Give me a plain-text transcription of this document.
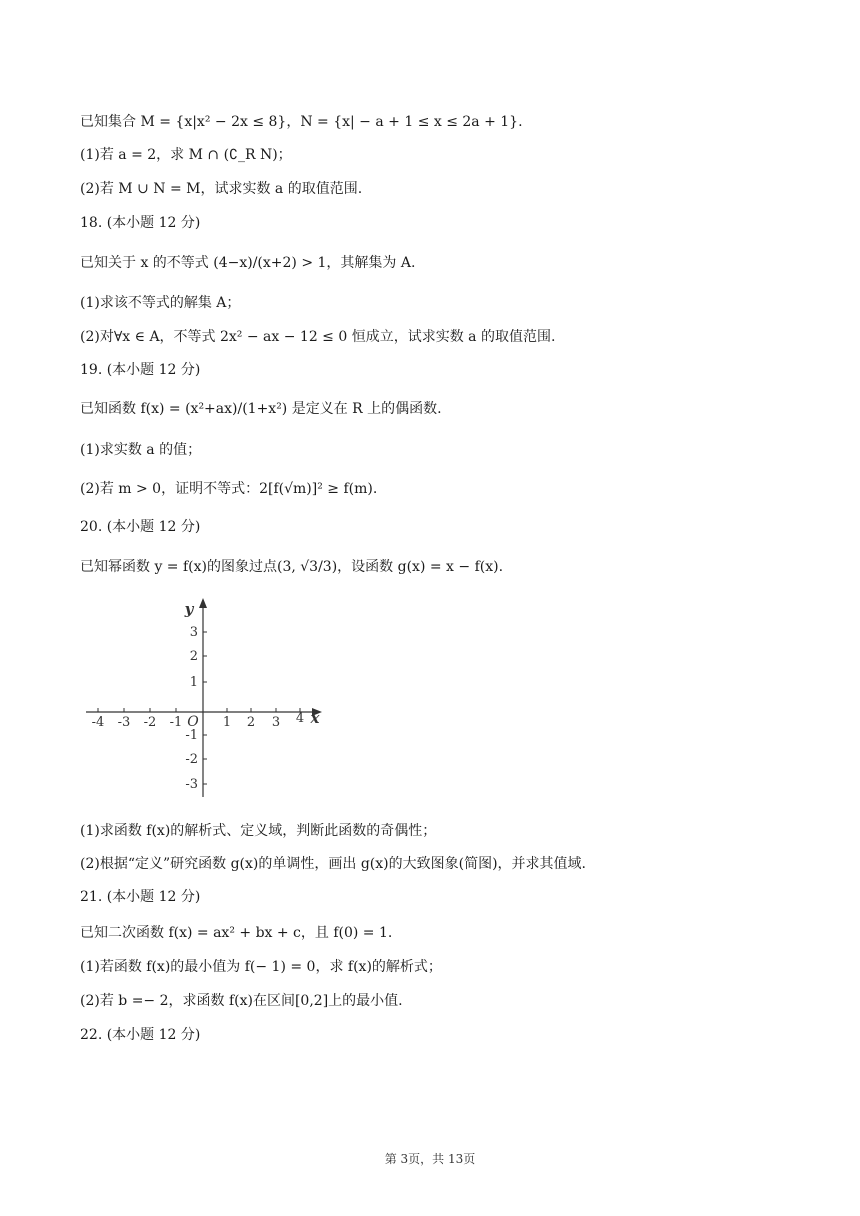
已知集合 M = {x|x² − 2x ≤ 8}，N = {x| − a + 1 ≤ x ≤ 2a + 1}.
(1)若 a = 2，求 M ∩ (∁_R N)；
(2)若 M ∪ N = M，试求实数 a 的取值范围.
18. (本小题 12 分)
已知关于 x 的不等式 (4−x)/(x+2) > 1，其解集为 A.
(1)求该不等式的解集 A；
(2)对∀x ∈ A，不等式 2x² − ax − 12 ≤ 0 恒成立，试求实数 a 的取值范围.
19. (本小题 12 分)
已知函数 f(x) = (x²+ax)/(1+x²) 是定义在 R 上的偶函数.
(1)求实数 a 的值；
(2)若 m > 0，证明不等式：2[f(√m)]² ≥ f(m).
20. (本小题 12 分)
已知幂函数 y = f(x)的图象过点(3, √3/3)，设函数 g(x) = x − f(x).
-4 -3 -2 -1	1 2 3 4
3
2
1
-1
-2
-3
O	x
y
(1)求函数 f(x)的解析式、定义域，判断此函数的奇偶性；
(2)根据“定义”研究函数 g(x)的单调性，画出 g(x)的大致图象(简图)，并求其值域.
21. (本小题 12 分)
已知二次函数 f(x) = ax² + bx + c，且 f(0) = 1.
(1)若函数 f(x)的最小值为 f(− 1) = 0，求 f(x)的解析式；
(2)若 b =− 2，求函数 f(x)在区间[0,2]上的最小值.
22. (本小题 12 分)
第 3页，共 13页
